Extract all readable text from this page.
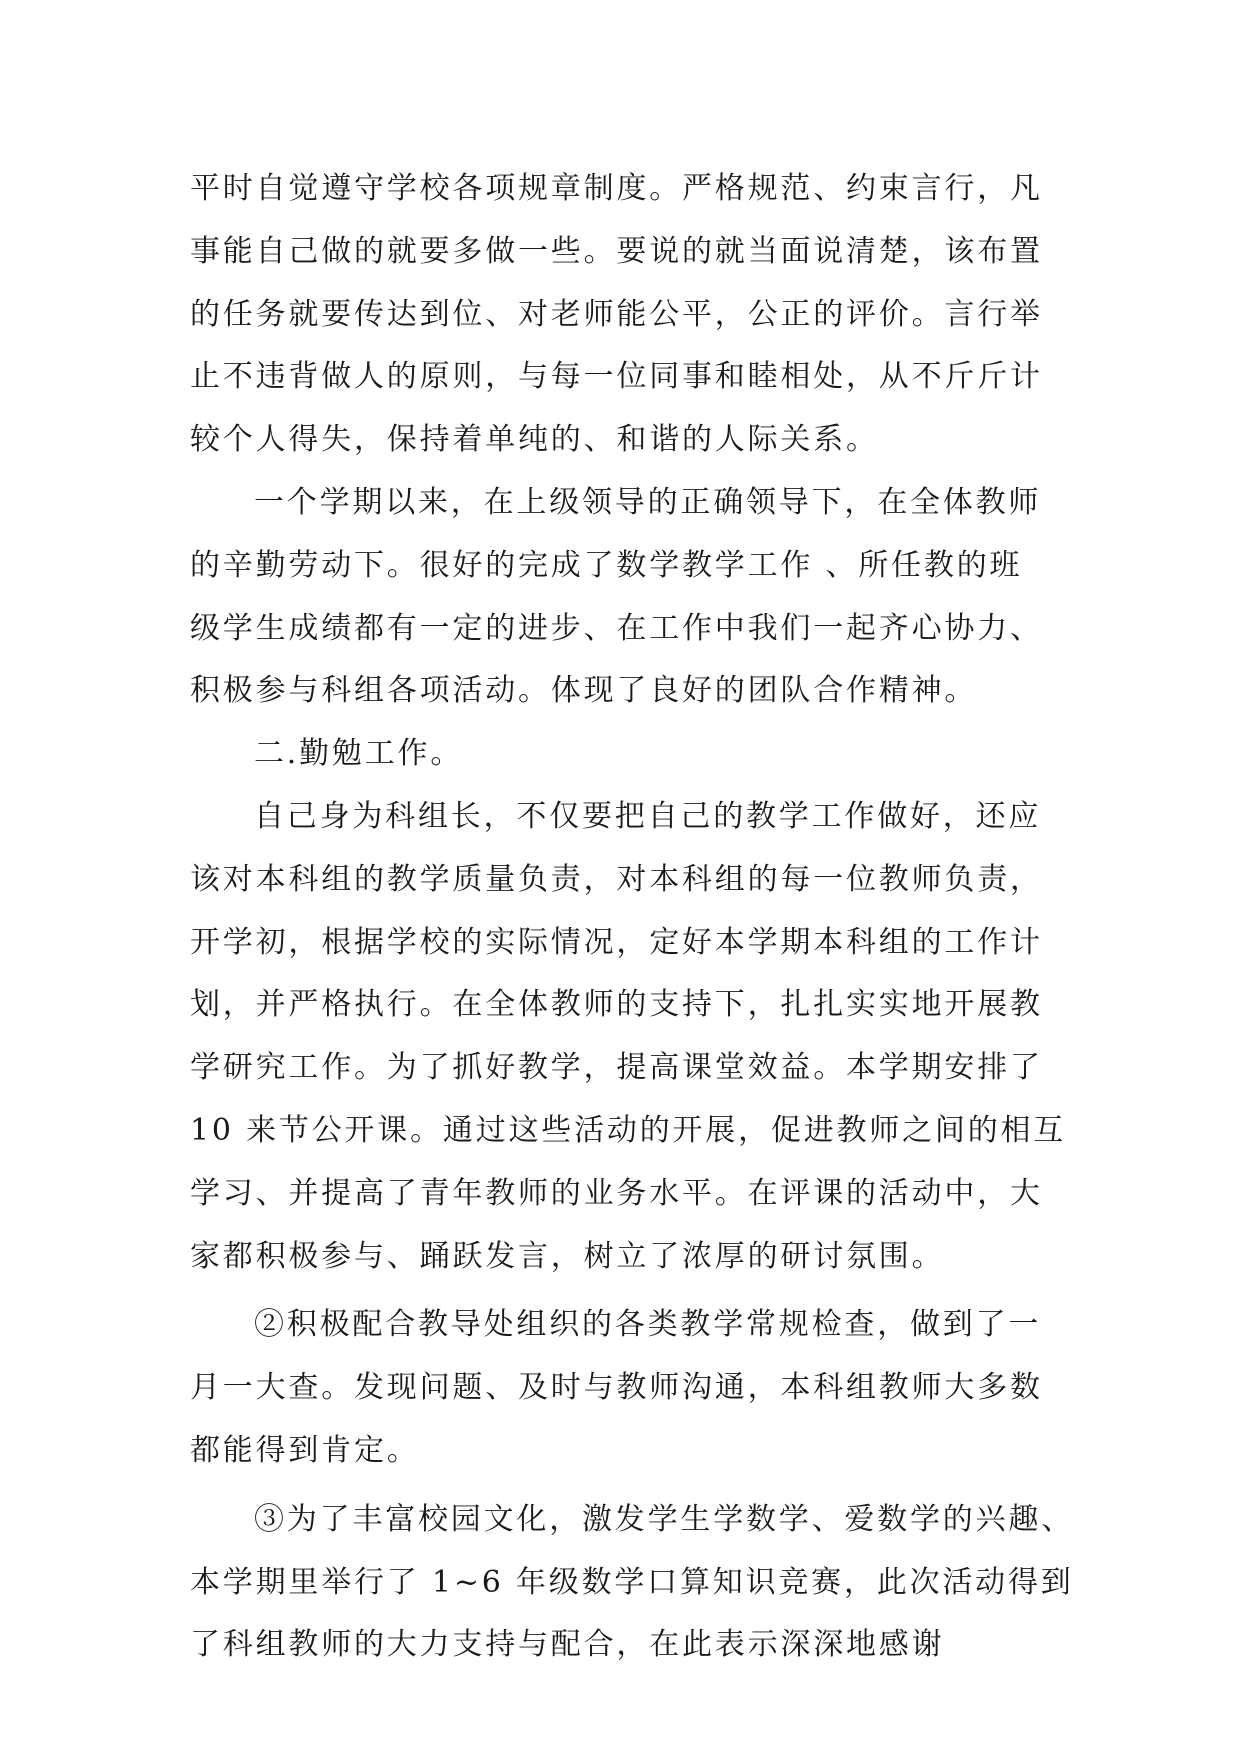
平时自觉遵守学校各项规章制度。严格规范、约束言行，凡
事能自己做的就要多做一些。要说的就当面说清楚，该布置
的任务就要传达到位、对老师能公平，公正的评价。言行举
止不违背做人的原则，与每一位同事和睦相处，从不斤斤计
较个人得失，保持着单纯的、和谐的人际关系。
一个学期以来，在上级领导的正确领导下，在全体教师
的辛勤劳动下。很好的完成了数学教学工作 、所任教的班
级学生成绩都有一定的进步、在工作中我们一起齐心协力、
积极参与科组各项活动。体现了良好的团队合作精神。
二.勤勉工作。
自己身为科组长，不仅要把自己的教学工作做好，还应
该对本科组的教学质量负责，对本科组的每一位教师负责，
开学初，根据学校的实际情况，定好本学期本科组的工作计
划，并严格执行。在全体教师的支持下，扎扎实实地开展教
学研究工作。为了抓好教学，提高课堂效益。本学期安排了
10 来节公开课。通过这些活动的开展，促进教师之间的相互
学习、并提高了青年教师的业务水平。在评课的活动中，大
家都积极参与、踊跃发言，树立了浓厚的研讨氛围。
②积极配合教导处组织的各类教学常规检查，做到了一
月一大查。发现问题、及时与教师沟通，本科组教师大多数
都能得到肯定。
③为了丰富校园文化，激发学生学数学、爱数学的兴趣、
本学期里举行了 1~6 年级数学口算知识竞赛，此次活动得到
了科组教师的大力支持与配合，在此表示深深地感谢
